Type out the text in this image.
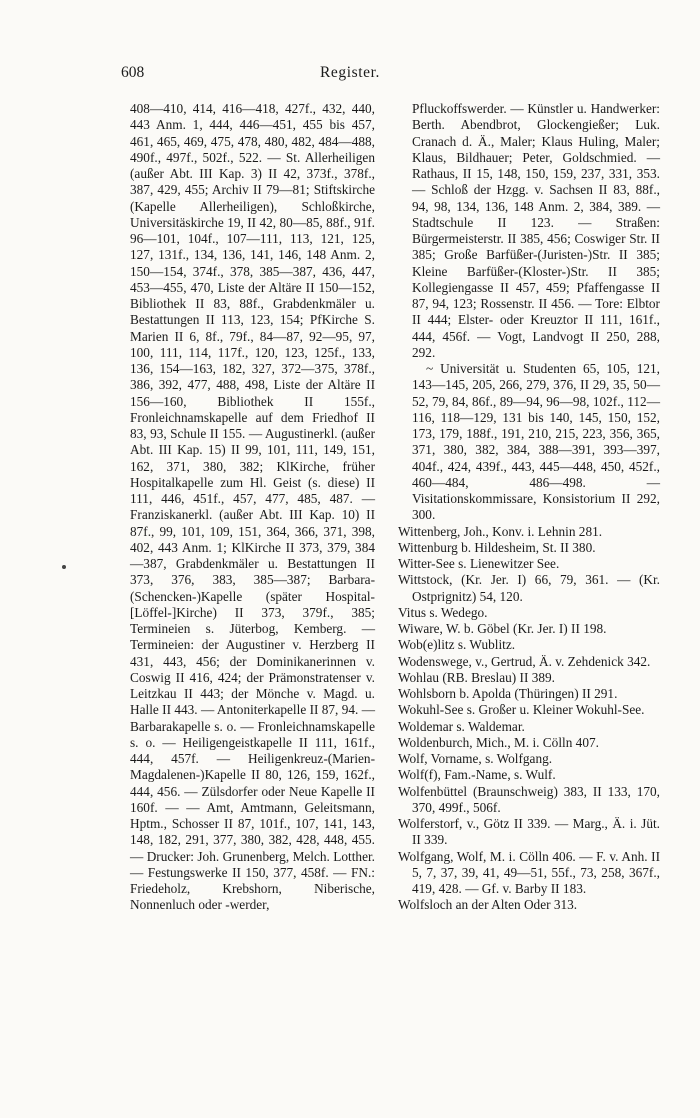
608	Register.

408—410, 414, 416—418, 427f., 432, 440, 443 Anm. 1, 444, 446—451, 455 bis 457, 461, 465, 469, 475, 478, 480, 482, 484—488, 490f., 497f., 502f., 522. — St. Allerheiligen (außer Abt. III Kap. 3) II 42, 373f., 378f., 387, 429, 455; Archiv II 79—81; Stiftskirche (Kapelle Allerheiligen), Schloßkirche, Universitäskirche 19, II 42, 80—85, 88f., 91f. 96—101, 104f., 107—111, 113, 121, 125, 127, 131f., 134, 136, 141, 146, 148 Anm. 2, 150—154, 374f., 378, 385—387, 436, 447, 453—455, 470, Liste der Altäre II 150—152, Bibliothek II 83, 88f., Grabdenkmäler u. Bestattungen II 113, 123, 154; PfKirche S. Marien II 6, 8f., 79f., 84—87, 92—95, 97, 100, 111, 114, 117f., 120, 123, 125f., 133, 136, 154—163, 182, 327, 372—375, 378f., 386, 392, 477, 488, 498, Liste der Altäre II 156—160, Bibliothek II 155f., Fronleichnamskapelle auf dem Friedhof II 83, 93, Schule II 155. — Augustinerkl. (außer Abt. III Kap. 15) II 99, 101, 111, 149, 151, 162, 371, 380, 382; KlKirche, früher Hospitalkapelle zum Hl. Geist (s. diese) II 111, 446, 451f., 457, 477, 485, 487. — Franziskanerkl. (außer Abt. III Kap. 10) II 87f., 99, 101, 109, 151, 364, 366, 371, 398, 402, 443 Anm. 1; KlKirche II 373, 379, 384—387, Grabdenkmäler u. Bestattungen II 373, 376, 383, 385—387; Barbara-(Schencken-)Kapelle (später Hospital-[Löffel-]Kirche) II 373, 379f., 385; Termineien s. Jüterbog, Kemberg. — Termineien: der Augustiner v. Herzberg II 431, 443, 456; der Dominikanerinnen v. Coswig II 416, 424; der Prämonstratenser v. Leitzkau II 443; der Mönche v. Magd. u. Halle II 443. — Antoniterkapelle II 87, 94. — Barbarakapelle s. o. — Fronleichnamskapelle s. o. — Heiligengeistkapelle II 111, 161f., 444, 457f. — Heiligenkreuz-(Marien-Magdalenen-)Kapelle II 80, 126, 159, 162f., 444, 456. — Zülsdorfer oder Neue Kapelle II 160f. — — Amt, Amtmann, Geleitsmann, Hptm., Schosser II 87, 101f., 107, 141, 143, 148, 182, 291, 377, 380, 382, 428, 448, 455. — Drucker: Joh. Grunenberg, Melch. Lotther. — Festungswerke II 150, 377, 458f. — FN.: Friedeholz, Krebshorn, Niberische, Nonnenluch oder -werder,

Pfluckoffswerder. — Künstler u. Handwerker: Berth. Abendbrot, Glockengießer; Luk. Cranach d. Ä., Maler; Klaus Huling, Maler; Klaus, Bildhauer; Peter, Goldschmied. — Rathaus, II 15, 148, 150, 159, 237, 331, 353. — Schloß der Hzgg. v. Sachsen II 83, 88f., 94, 98, 134, 136, 148 Anm. 2, 384, 389. — Stadtschule II 123. — Straßen: Bürgermeisterstr. II 385, 456; Coswiger Str. II 385; Große Barfüßer-(Juristen-)Str. II 385; Kleine Barfüßer-(Kloster-)Str. II 385; Kollegiengasse II 457, 459; Pfaffengasse II 87, 94, 123; Rossenstr. II 456. — Tore: Elbtor II 444; Elster- oder Kreuztor II 111, 161f., 444, 456f. — Vogt, Landvogt II 250, 288, 292.

~ Universität u. Studenten 65, 105, 121, 143—145, 205, 266, 279, 376, II 29, 35, 50—52, 79, 84, 86f., 89—94, 96—98, 102f., 112—116, 118—129, 131 bis 140, 145, 150, 152, 173, 179, 188f., 191, 210, 215, 223, 356, 365, 371, 380, 382, 384, 388—391, 393—397, 404f., 424, 439f., 443, 445—448, 450, 452f., 460—484, 486—498. — Visitationskommissare, Konsistorium II 292, 300.

Wittenberg, Joh., Konv. i. Lehnin 281.

Wittenburg b. Hildesheim, St. II 380.

Witter-See s. Lienewitzer See.

Wittstock, (Kr. Jer. I) 66, 79, 361. — (Kr. Ostprignitz) 54, 120.

Vitus s. Wedego.

Wiware, W. b. Göbel (Kr. Jer. I) II 198.

Wob(e)litz s. Wublitz.

Wodenswege, v., Gertrud, Ä. v. Zehdenick 342.

Wohlau (RB. Breslau) II 389.

Wohlsborn b. Apolda (Thüringen) II 291.

Wokuhl-See s. Großer u. Kleiner Wokuhl-See.

Woldemar s. Waldemar.

Woldenburch, Mich., M. i. Cölln 407.

Wolf, Vorname, s. Wolfgang.

Wolf(f), Fam.-Name, s. Wulf.

Wolfenbüttel (Braunschweig) 383, II 133, 170, 370, 499f., 506f.

Wolferstorf, v., Götz II 339. — Marg., Ä. i. Jüt. II 339.

Wolfgang, Wolf, M. i. Cölln 406. — F. v. Anh. II 5, 7, 37, 39, 41, 49—51, 55f., 73, 258, 367f., 419, 428. — Gf. v. Barby II 183.

Wolfsloch an der Alten Oder 313.
